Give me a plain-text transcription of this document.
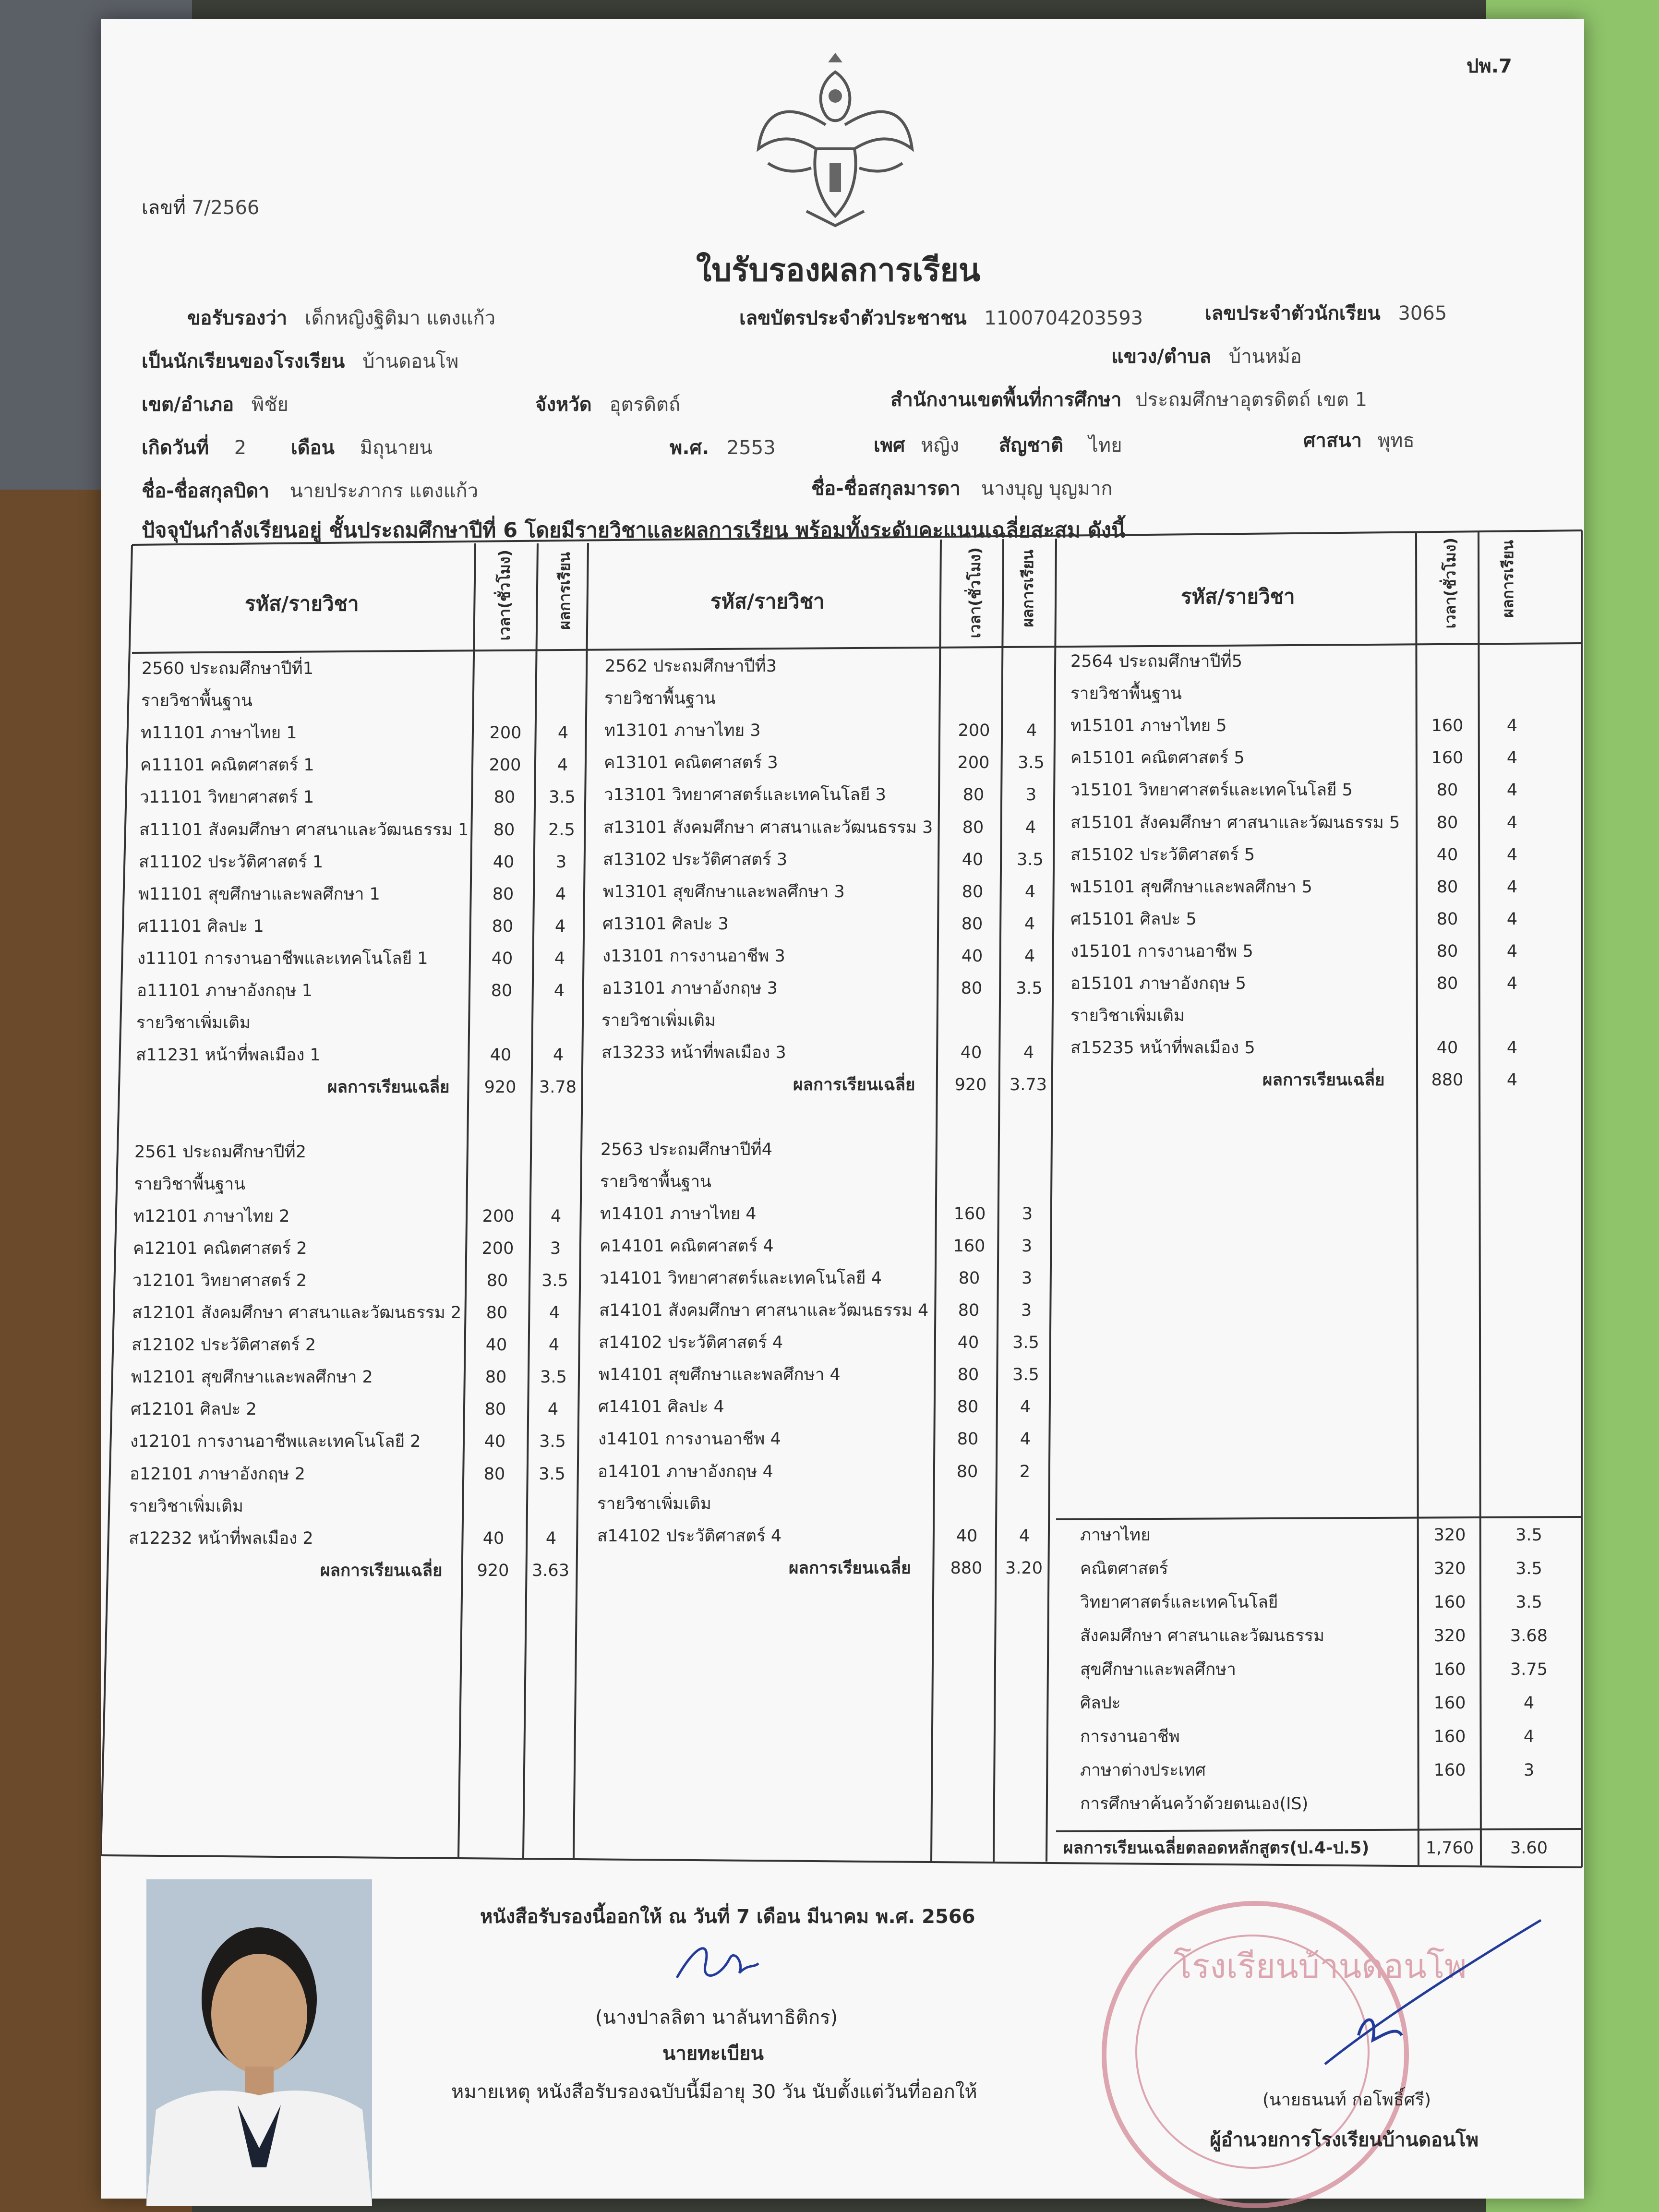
ปพ.7
เลขที่ 7/2566
ใบรับรองผลการเรียน
ขอรับรองว่า เด็กหญิงฐิติมา แตงแก้ว	เลขบัตรประจำตัวประชาชน 1100704203593	เลขประจำตัวนักเรียน 3065
เป็นนักเรียนของโรงเรียน บ้านดอนโพ	แขวง/ตำบล บ้านหม้อ
เขต/อำเภอ พิชัย	จังหวัด อุตรดิตถ์	สำนักงานเขตพื้นที่การศึกษา ประถมศึกษาอุตรดิตถ์ เขต 1
เกิดวันที่ 2 เดือน มิถุนายน	พ.ศ. 2553	เพศ หญิง สัญชาติ ไทย	ศาสนา พุทธ
ชื่อ-ชื่อสกุลบิดา นายประภากร แตงแก้ว	ชื่อ-ชื่อสกุลมารดา นางบุญ บุญมาก
ปัจจุบันกำลังเรียนอยู่ ชั้นประถมศึกษาปีที่ 6 โดยมีรายวิชาและผลการเรียน พร้อมทั้งระดับคะแนนเฉลี่ยสะสม ดังนี้
รหัส/รายวิชา	เวลา(ชั่วโมง)	ผลการเรียน	รหัส/รายวิชา	เวลา(ชั่วโมง) ผลการเรียน	รหัส/รายวิชา	เวลา(ชั่วโมง)	ผลการเรียน
2560 ประถมศึกษาปีที่1
รายวิชาพื้นฐาน
ท11101 ภาษาไทย 1	200	4
ค11101 คณิตศาสตร์ 1	200	4
ว11101 วิทยาศาสตร์ 1	80	3.5
ส11101 สังคมศึกษา ศาสนาและวัฒนธรรม 1	80	2.5
ส11102 ประวัติศาสตร์ 1	40	3
พ11101 สุขศึกษาและพลศึกษา 1	80	4
ศ11101 ศิลปะ 1	80	4
ง11101 การงานอาชีพและเทคโนโลยี 1	40	4
อ11101 ภาษาอังกฤษ 1	80	4
รายวิชาเพิ่มเติม
ส11231 หน้าที่พลเมือง 1	40	4
ผลการเรียนเฉลี่ย	920	3.78
2561 ประถมศึกษาปีที่2
รายวิชาพื้นฐาน
ท12101 ภาษาไทย 2	200	4
ค12101 คณิตศาสตร์ 2	200	3
ว12101 วิทยาศาสตร์ 2	80	3.5
ส12101 สังคมศึกษา ศาสนาและวัฒนธรรม 2	80	4
ส12102 ประวัติศาสตร์ 2	40	4
พ12101 สุขศึกษาและพลศึกษา 2	80	3.5
ศ12101 ศิลปะ 2	80	4
ง12101 การงานอาชีพและเทคโนโลยี 2	40	3.5
อ12101 ภาษาอังกฤษ 2	80	3.5
รายวิชาเพิ่มเติม
ส12232 หน้าที่พลเมือง 2	40	4
ผลการเรียนเฉลี่ย	920	3.63
2562 ประถมศึกษาปีที่3
รายวิชาพื้นฐาน
ท13101 ภาษาไทย 3	200	4
ค13101 คณิตศาสตร์ 3	200	3.5
ว13101 วิทยาศาสตร์และเทคโนโลยี 3	80	3
ส13101 สังคมศึกษา ศาสนาและวัฒนธรรม 3	80	4
ส13102 ประวัติศาสตร์ 3	40	3.5
พ13101 สุขศึกษาและพลศึกษา 3	80	4
ศ13101 ศิลปะ 3	80	4
ง13101 การงานอาชีพ 3	40	4
อ13101 ภาษาอังกฤษ 3	80	3.5
รายวิชาเพิ่มเติม
ส13233 หน้าที่พลเมือง 3	40	4
ผลการเรียนเฉลี่ย	920	3.73
2563 ประถมศึกษาปีที่4
รายวิชาพื้นฐาน
ท14101 ภาษาไทย 4	160	3
ค14101 คณิตศาสตร์ 4	160	3
ว14101 วิทยาศาสตร์และเทคโนโลยี 4	80	3
ส14101 สังคมศึกษา ศาสนาและวัฒนธรรม 4	80	3
ส14102 ประวัติศาสตร์ 4	40	3.5
พ14101 สุขศึกษาและพลศึกษา 4	80	3.5
ศ14101 ศิลปะ 4	80	4
ง14101 การงานอาชีพ 4	80	4
อ14101 ภาษาอังกฤษ 4	80	2
รายวิชาเพิ่มเติม
ส14102 ประวัติศาสตร์ 4	40	4
ผลการเรียนเฉลี่ย	880	3.20
2564 ประถมศึกษาปีที่5
รายวิชาพื้นฐาน
ท15101 ภาษาไทย 5	160	4
ค15101 คณิตศาสตร์ 5	160	4
ว15101 วิทยาศาสตร์และเทคโนโลยี 5	80	4
ส15101 สังคมศึกษา ศาสนาและวัฒนธรรม 5	80	4
ส15102 ประวัติศาสตร์ 5	40	4
พ15101 สุขศึกษาและพลศึกษา 5	80	4
ศ15101 ศิลปะ 5	80	4
ง15101 การงานอาชีพ 5	80	4
อ15101 ภาษาอังกฤษ 5	80	4
รายวิชาเพิ่มเติม
ส15235 หน้าที่พลเมือง 5	40	4
ผลการเรียนเฉลี่ย	880	4
ภาษาไทย	320	3.5
คณิตศาสตร์	320	3.5
วิทยาศาสตร์และเทคโนโลยี	160	3.5
สังคมศึกษา ศาสนาและวัฒนธรรม	320	3.68
สุขศึกษาและพลศึกษา	160	3.75
ศิลปะ	160	4
การงานอาชีพ	160	4
ภาษาต่างประเทศ	160	3
การศึกษาค้นคว้าด้วยตนเอง(IS)
ผลการเรียนเฉลี่ยตลอดหลักสูตร(ป.4-ป.5)	1,760	3.60
หนังสือรับรองนี้ออกให้ ณ วันที่ 7 เดือน มีนาคม พ.ศ. 2566
(นางปาลลิตา นาลันทาธิติกร)
นายทะเบียน
หมายเหตุ หนังสือรับรองฉบับนี้มีอายุ 30 วัน นับตั้งแต่วันที่ออกให้
โรงเรียนบ้านดอนโพ
(นายธนนท์ กอโพธิ์ศรี)
ผู้อำนวยการโรงเรียนบ้านดอนโพ
